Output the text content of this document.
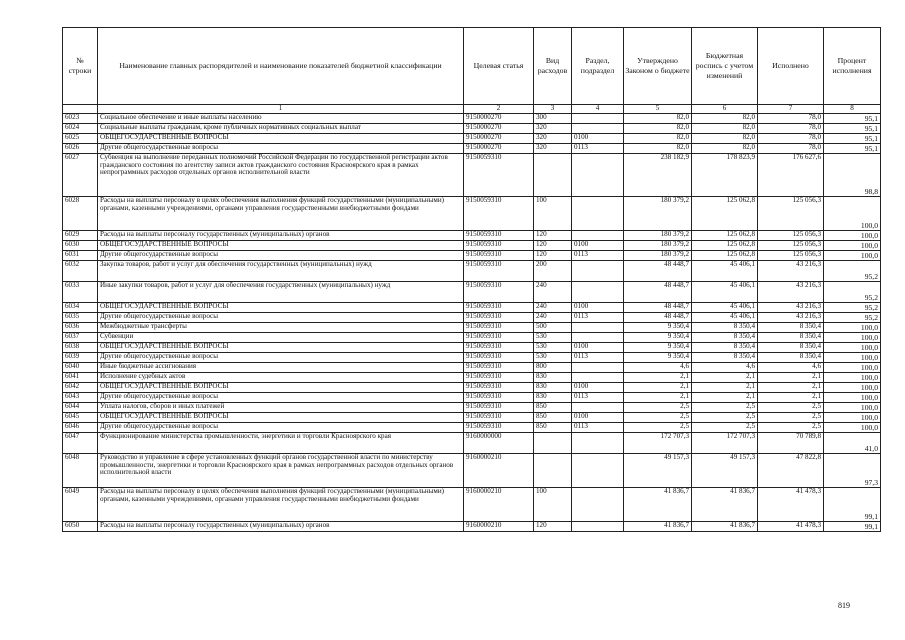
№ строки	Наименование главных распорядителей и наименование показателей бюджетной классификации	Целевая статья	Вид расходов	Раздел, подраздел	Утверждено Законом о бюджете	Бюджетная роспись с учетом изменений	Исполнено	Процент исполнения
	1	2	3	4	5	6	7	8
6023	Социальное обеспечение и иные выплаты населению	9150000270	300		82,0	82,0	78,0	95,1
6024	Социальные выплаты гражданам, кроме публичных нормативных социальных выплат	9150000270	320		82,0	82,0	78,0	95,1
6025	ОБЩЕГОСУДАРСТВЕННЫЕ ВОПРОСЫ	9150000270	320	0100	82,0	82,0	78,0	95,1
6026	Другие общегосударственные вопросы	9150000270	320	0113	82,0	82,0	78,0	95,1
6027	Субвенция на выполнение переданных полномочий Российской Федерации по государственной регистрации актов гражданского состояния по агентству записи актов гражданского состояния Красноярского края в рамках непрограммных расходов отдельных органов исполнительной власти	9150059310			238 182,9	178 823,9	176 627,6	98,8
6028	Расходы на выплаты персоналу в целях обеспечения выполнения функций государственными (муниципальными) органами, казенными учреждениями, органами управления государственными внебюджетными фондами	9150059310	100		180 379,2	125 062,8	125 056,3	100,0
6029	Расходы на выплаты персоналу государственных (муниципальных) органов	9150059310	120		180 379,2	125 062,8	125 056,3	100,0
6030	ОБЩЕГОСУДАРСТВЕННЫЕ ВОПРОСЫ	9150059310	120	0100	180 379,2	125 062,8	125 056,3	100,0
6031	Другие общегосударственные вопросы	9150059310	120	0113	180 379,2	125 062,8	125 056,3	100,0
6032	Закупка товаров, работ и услуг для обеспечения государственных (муниципальных) нужд	9150059310	200		48 448,7	45 406,1	43 216,3	95,2
6033	Иные закупки товаров, работ и услуг для обеспечения государственных (муниципальных) нужд	9150059310	240		48 448,7	45 406,1	43 216,3	95,2
6034	ОБЩЕГОСУДАРСТВЕННЫЕ ВОПРОСЫ	9150059310	240	0100	48 448,7	45 406,1	43 216,3	95,2
6035	Другие общегосударственные вопросы	9150059310	240	0113	48 448,7	45 406,1	43 216,3	95,2
6036	Межбюджетные трансферты	9150059310	500		9 350,4	8 350,4	8 350,4	100,0
6037	Субвенции	9150059310	530		9 350,4	8 350,4	8 350,4	100,0
6038	ОБЩЕГОСУДАРСТВЕННЫЕ ВОПРОСЫ	9150059310	530	0100	9 350,4	8 350,4	8 350,4	100,0
6039	Другие общегосударственные вопросы	9150059310	530	0113	9 350,4	8 350,4	8 350,4	100,0
6040	Иные бюджетные ассигнования	9150059310	800		4,6	4,6	4,6	100,0
6041	Исполнение судебных актов	9150059310	830		2,1	2,1	2,1	100,0
6042	ОБЩЕГОСУДАРСТВЕННЫЕ ВОПРОСЫ	9150059310	830	0100	2,1	2,1	2,1	100,0
6043	Другие общегосударственные вопросы	9150059310	830	0113	2,1	2,1	2,1	100,0
6044	Уплата налогов, сборов и иных платежей	9150059310	850		2,5	2,5	2,5	100,0
6045	ОБЩЕГОСУДАРСТВЕННЫЕ ВОПРОСЫ	9150059310	850	0100	2,5	2,5	2,5	100,0
6046	Другие общегосударственные вопросы	9150059310	850	0113	2,5	2,5	2,5	100,0
6047	Функционирование министерства промышленности, энергетики и торговли Красноярского края	9160000000			172 707,3	172 707,3	70 789,8	41,0
6048	Руководство и управление в сфере установленных функций органов государственной власти по министерству промышленности, энергетики и торговли Красноярского края в рамках непрограммных расходов отдельных органов исполнительной власти	9160000210			49 157,3	49 157,3	47 822,8	97,3
6049	Расходы на выплаты персоналу в целях обеспечения выполнения функций государственными (муниципальными) органами, казенными учреждениями, органами управления государственными внебюджетными фондами	9160000210	100		41 836,7	41 836,7	41 478,3	99,1
6050	Расходы на выплаты персоналу государственных (муниципальных) органов	9160000210	120		41 836,7	41 836,7	41 478,3	99,1
819
